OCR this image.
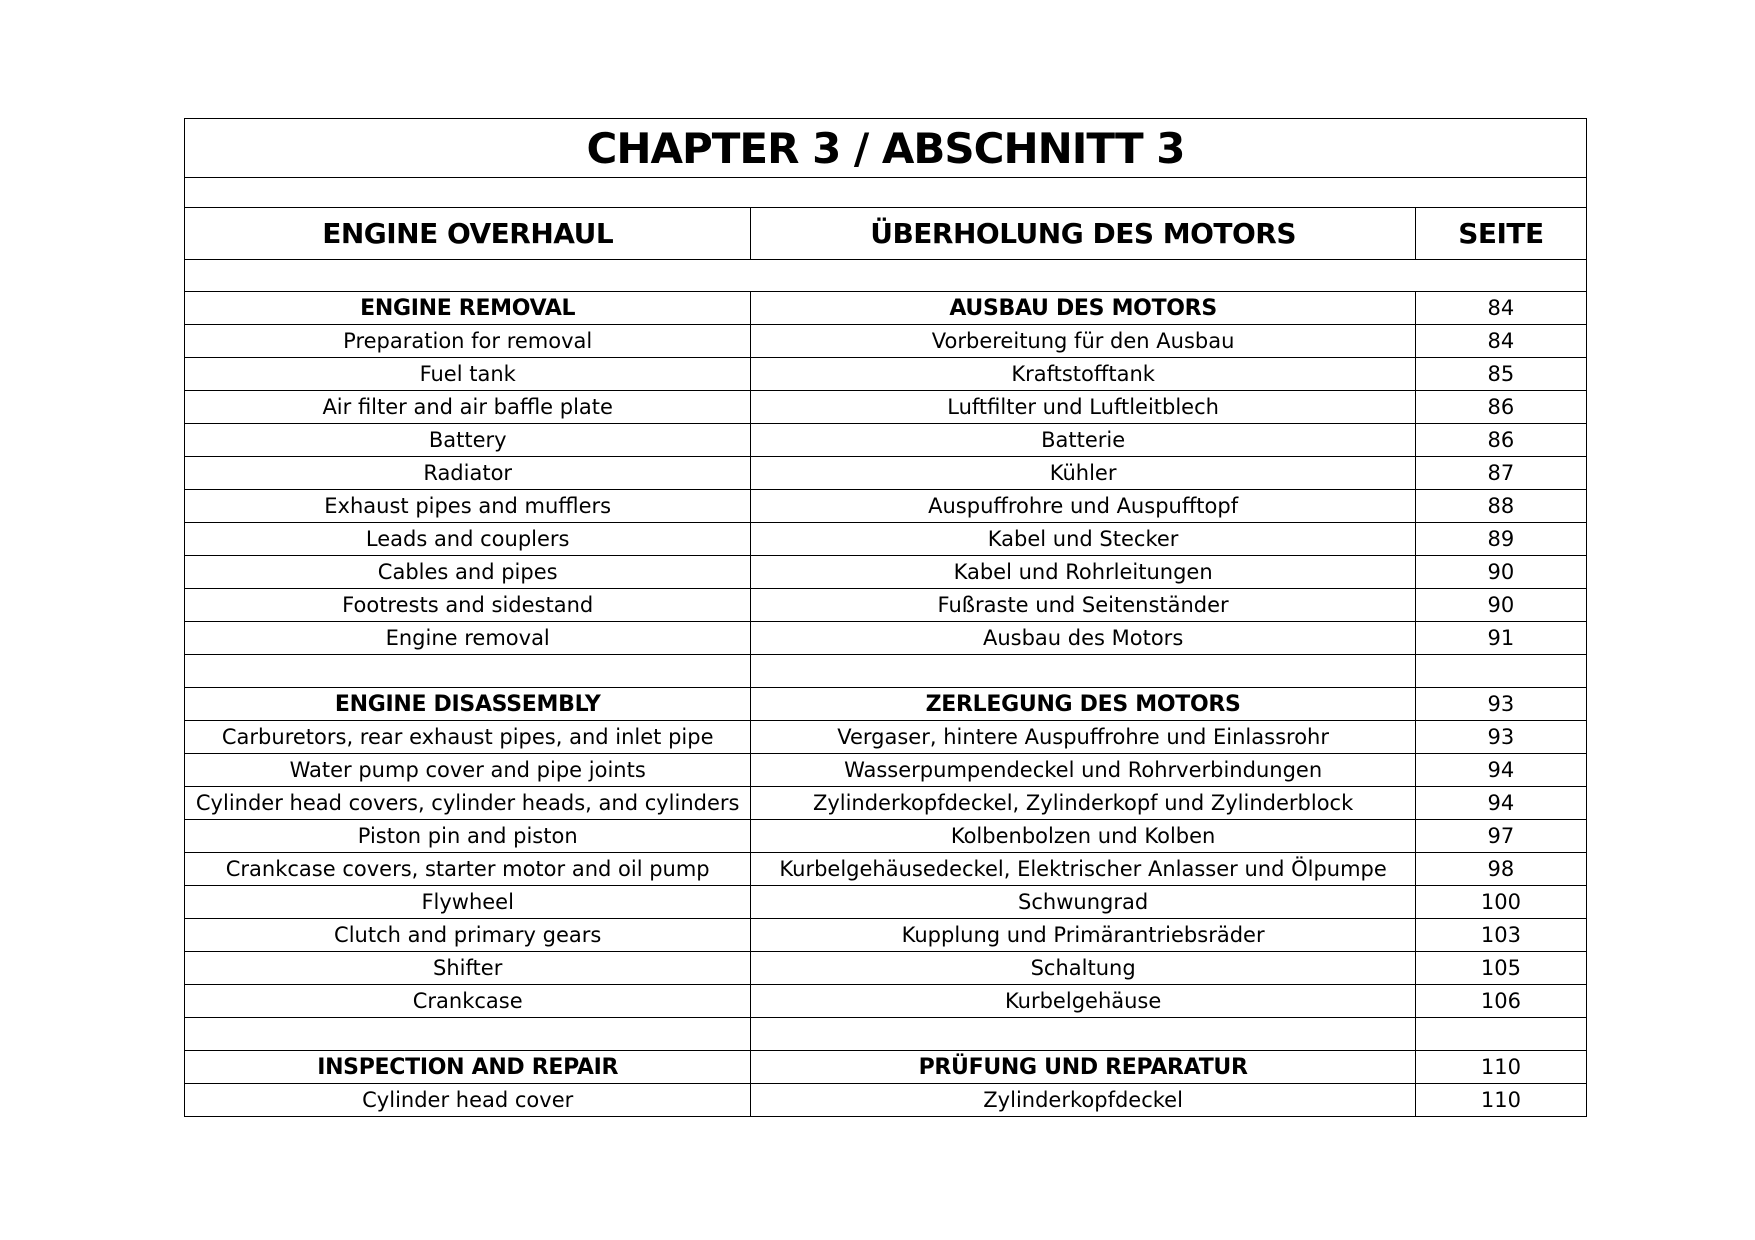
CHAPTER 3 / ABSCHNITT 3		

ENGINE OVERHAUL	ÜBERHOLUNG DES MOTORS	SEITE

ENGINE REMOVAL	AUSBAU DES MOTORS	84
Preparation for removal	Vorbereitung für den Ausbau	84
Fuel tank	Kraftstofftank	85
Air filter and air baffle plate	Luftfilter und Luftleitblech	86
Battery	Batterie	86
Radiator	Kühler	87
Exhaust pipes and mufflers	Auspuffrohre und Auspufftopf	88
Leads and couplers	Kabel und Stecker	89
Cables and pipes	Kabel und Rohrleitungen	90
Footrests and sidestand	Fußraste und Seitenständer	90
Engine removal	Ausbau des Motors	91

ENGINE DISASSEMBLY	ZERLEGUNG DES MOTORS	93
Carburetors, rear exhaust pipes, and inlet pipe	Vergaser, hintere Auspuffrohre und Einlassrohr	93
Water pump cover and pipe joints	Wasserpumpendeckel und Rohrverbindungen	94
Cylinder head covers, cylinder heads, and cylinders	Zylinderkopfdeckel, Zylinderkopf und Zylinderblock	94
Piston pin and piston	Kolbenbolzen und Kolben	97
Crankcase covers, starter motor and oil pump	Kurbelgehäusedeckel, Elektrischer Anlasser und Ölpumpe	98
Flywheel	Schwungrad	100
Clutch and primary gears	Kupplung und Primärantriebsräder	103
Shifter	Schaltung	105
Crankcase	Kurbelgehäuse	106

INSPECTION AND REPAIR	PRÜFUNG UND REPARATUR	110
Cylinder head cover	Zylinderkopfdeckel	110
